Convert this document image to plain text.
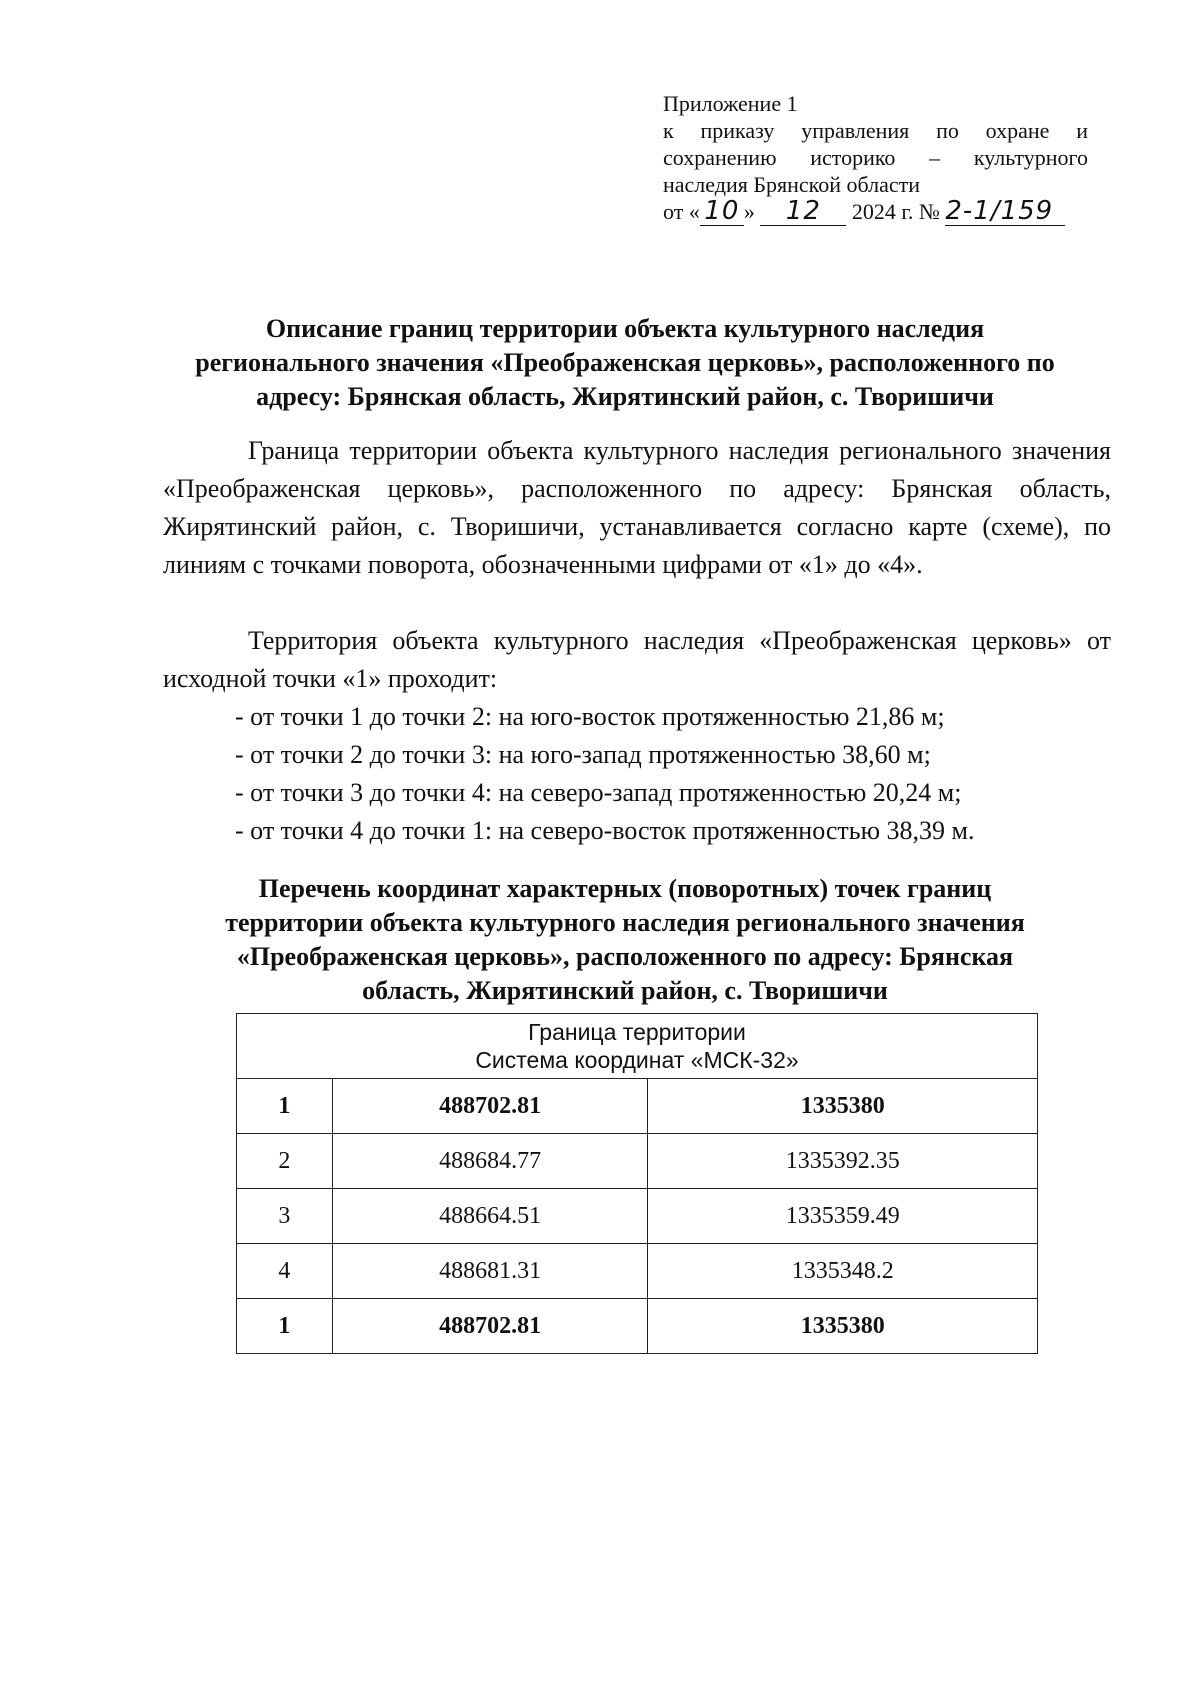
Приложение 1
к приказу управления по охране и
сохранению историко – культурного
наследия Брянской области
от « 10 » 12 2024 г. № 2-1/159
Описание границ территории объекта культурного наследия
регионального значения «Преображенская церковь», расположенного по
адресу: Брянская область, Жирятинский район, с. Творишичи
Граница территории объекта культурного наследия регионального значения «Преображенская церковь», расположенного по адресу: Брянская область, Жирятинский район, с. Творишичи, устанавливается согласно карте (схеме), по линиям с точками поворота, обозначенными цифрами от «1» до «4».
Территория объекта культурного наследия «Преображенская церковь» от исходной точки «1» проходит:
- от точки 1 до точки 2: на юго-восток протяженностью 21,86 м;
- от точки 2 до точки 3: на юго-запад протяженностью 38,60 м;
- от точки 3 до точки 4: на северо-запад протяженностью 20,24 м;
- от точки 4 до точки 1: на северо-восток протяженностью 38,39 м.
Перечень координат характерных (поворотных) точек границ
территории объекта культурного наследия регионального значения
«Преображенская церковь», расположенного по адресу: Брянская
область, Жирятинский район, с. Творишичи
Граница территории
Система координат «МСК-32»		

1	488702.81	1335380
2	488684.77	1335392.35
3	488664.51	1335359.49
4	488681.31	1335348.2
1	488702.81	1335380
